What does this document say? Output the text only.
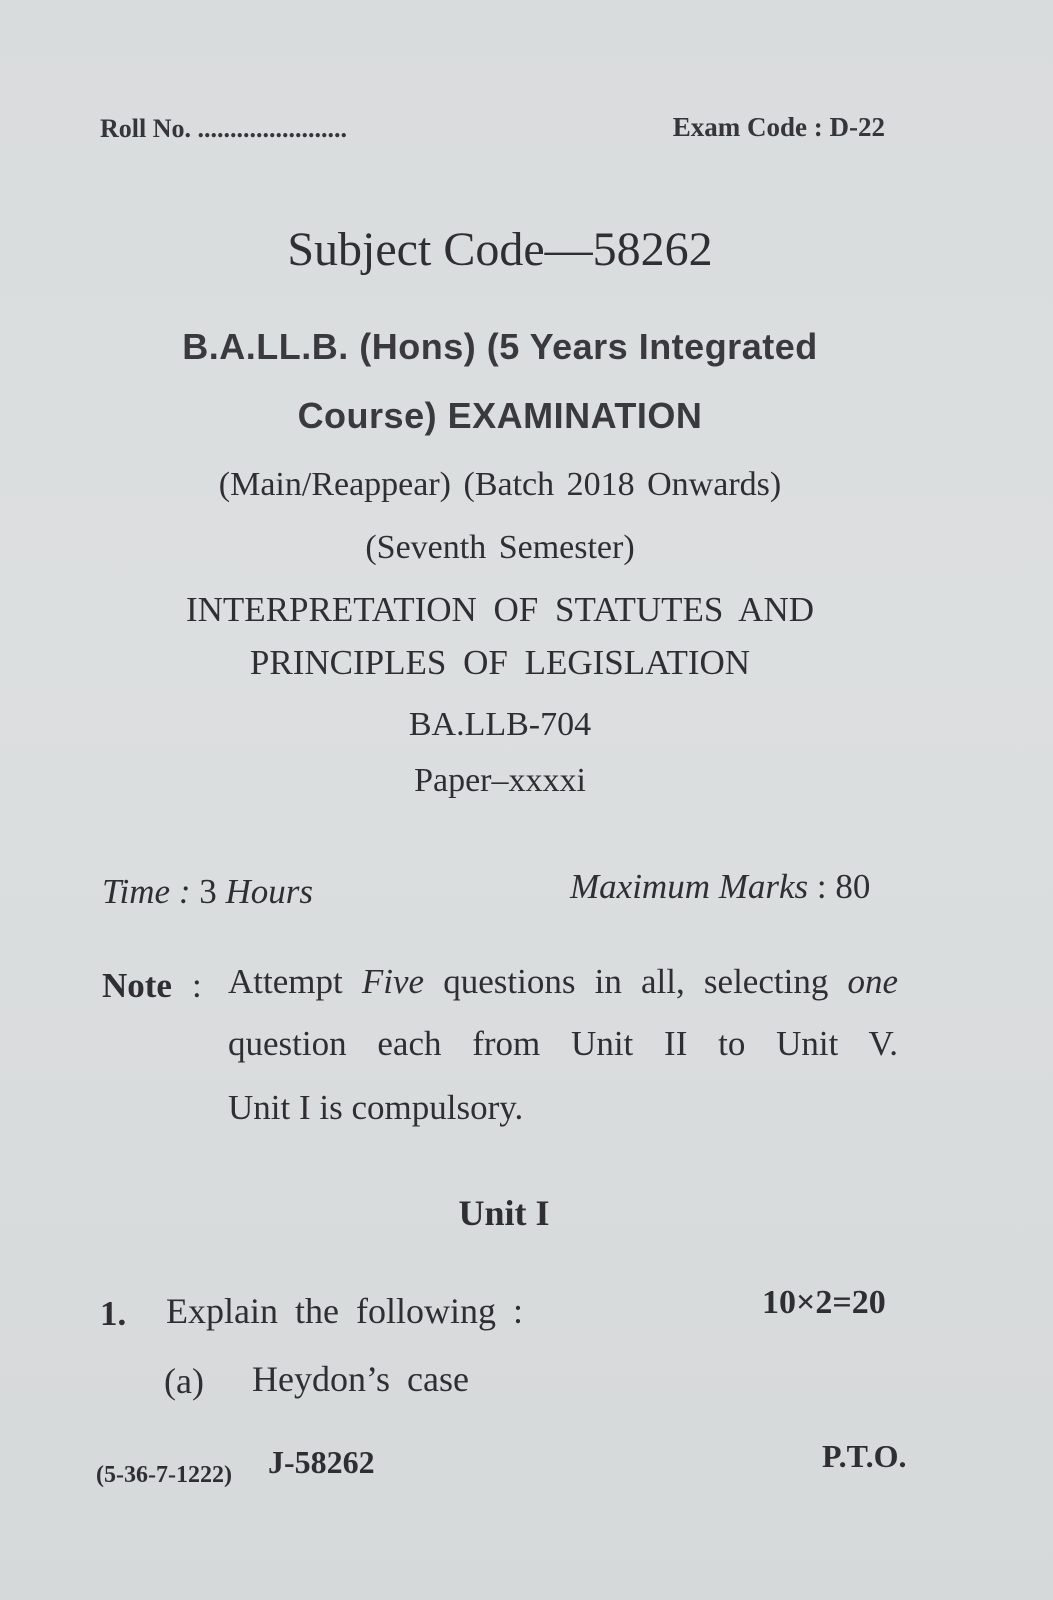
Roll No. .......................	Exam Code : D-22
Subject Code—58262
B.A.LL.B. (Hons) (5 Years Integrated
Course) EXAMINATION
(Main/Reappear) (Batch 2018 Onwards)
(Seventh Semester)
INTERPRETATION OF STATUTES AND
PRINCIPLES OF LEGISLATION
BA.LLB-704
Paper–xxxxi
Time : 3 Hours	Maximum Marks : 80
Note : Attempt Five questions in all, selecting one
question each from Unit II to Unit V.
Unit I is compulsory.
Unit I
1. Explain the following :	10×2=20
(a) Heydon’s case
(5-36-7-1222) J-58262	P.T.O.
